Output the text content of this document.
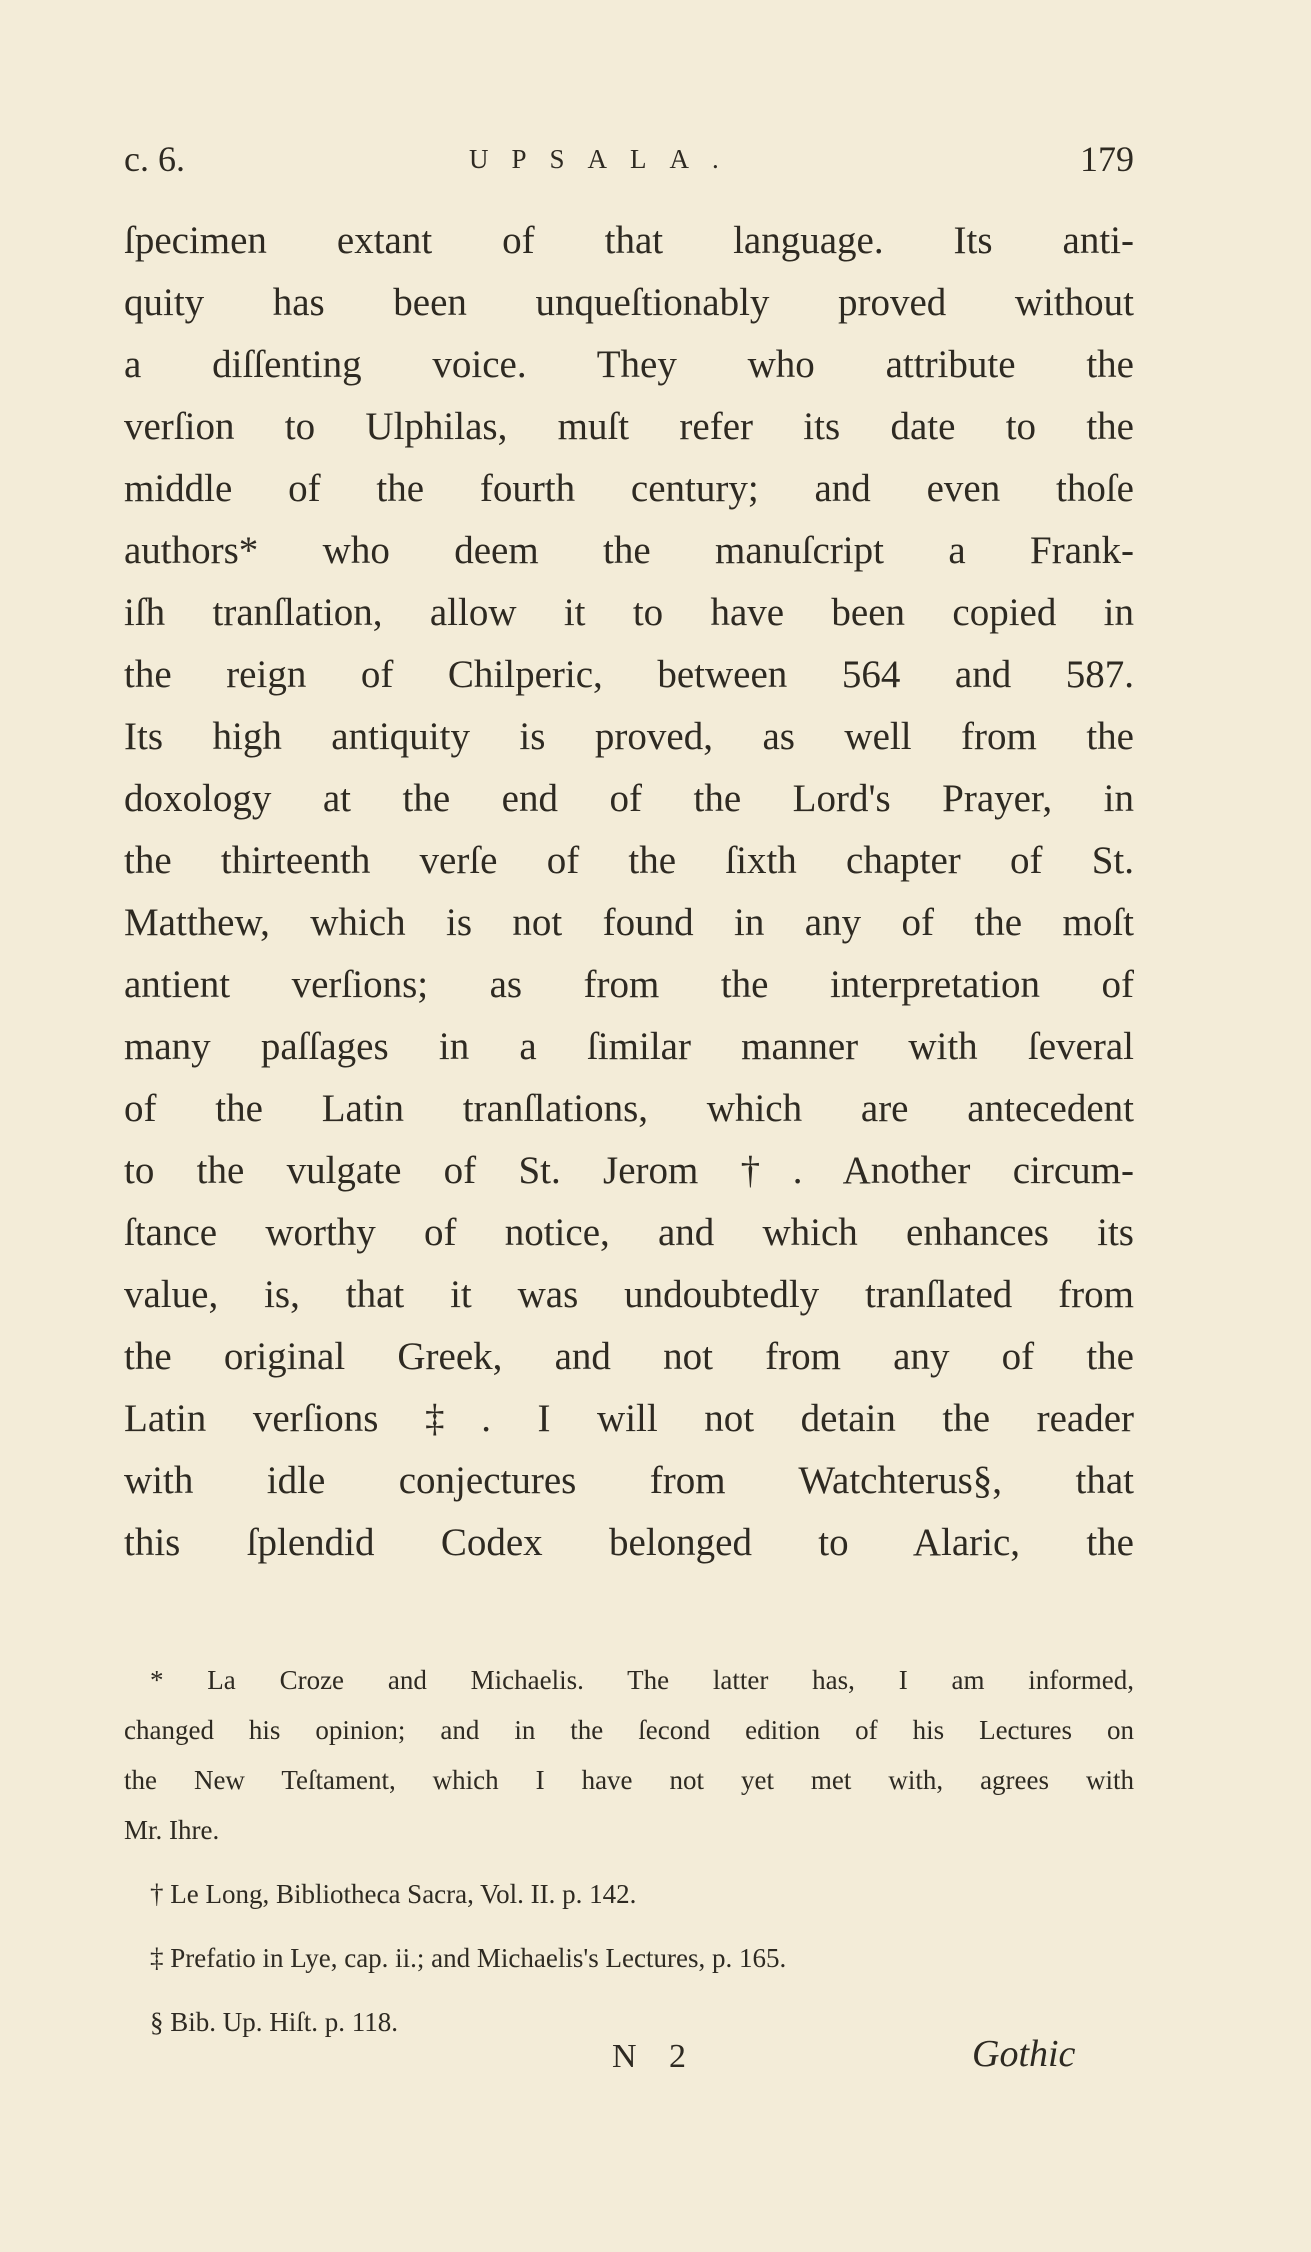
c. 6.	UPSALA.	179
ſpecimen extant of that language. Its anti-
quity has been unqueſtionably proved without
a diſſenting voice. They who attribute the
verſion to Ulphilas, muſt refer its date to the
middle of the fourth century; and even thoſe
authors* who deem the manuſcript a Frank-
iſh tranſlation, allow it to have been copied in
the reign of Chilperic, between 564 and 587.
Its high antiquity is proved, as well from the
doxology at the end of the Lord's Prayer, in
the thirteenth verſe of the ſixth chapter of St.
Matthew, which is not found in any of the moſt
antient verſions; as from the interpretation of
many paſſages in a ſimilar manner with ſeveral
of the Latin tranſlations, which are antecedent
to the vulgate of St. Jerom †. Another circum-
ſtance worthy of notice, and which enhances its
value, is, that it was undoubtedly tranſlated from
the original Greek, and not from any of the
Latin verſions ‡. I will not detain the reader
with idle conjectures from Watchterus§, that
this ſplendid Codex belonged to Alaric, the
* La Croze and Michaelis. The latter has, I am informed,
changed his opinion; and in the ſecond edition of his Lectures on
the New Teſtament, which I have not yet met with, agrees with
Mr. Ihre.
† Le Long, Bibliotheca Sacra, Vol. II. p. 142.
‡ Prefatio in Lye, cap. ii.; and Michaelis's Lectures, p. 165.
§ Bib. Up. Hiſt. p. 118.
N 2	Gothic
